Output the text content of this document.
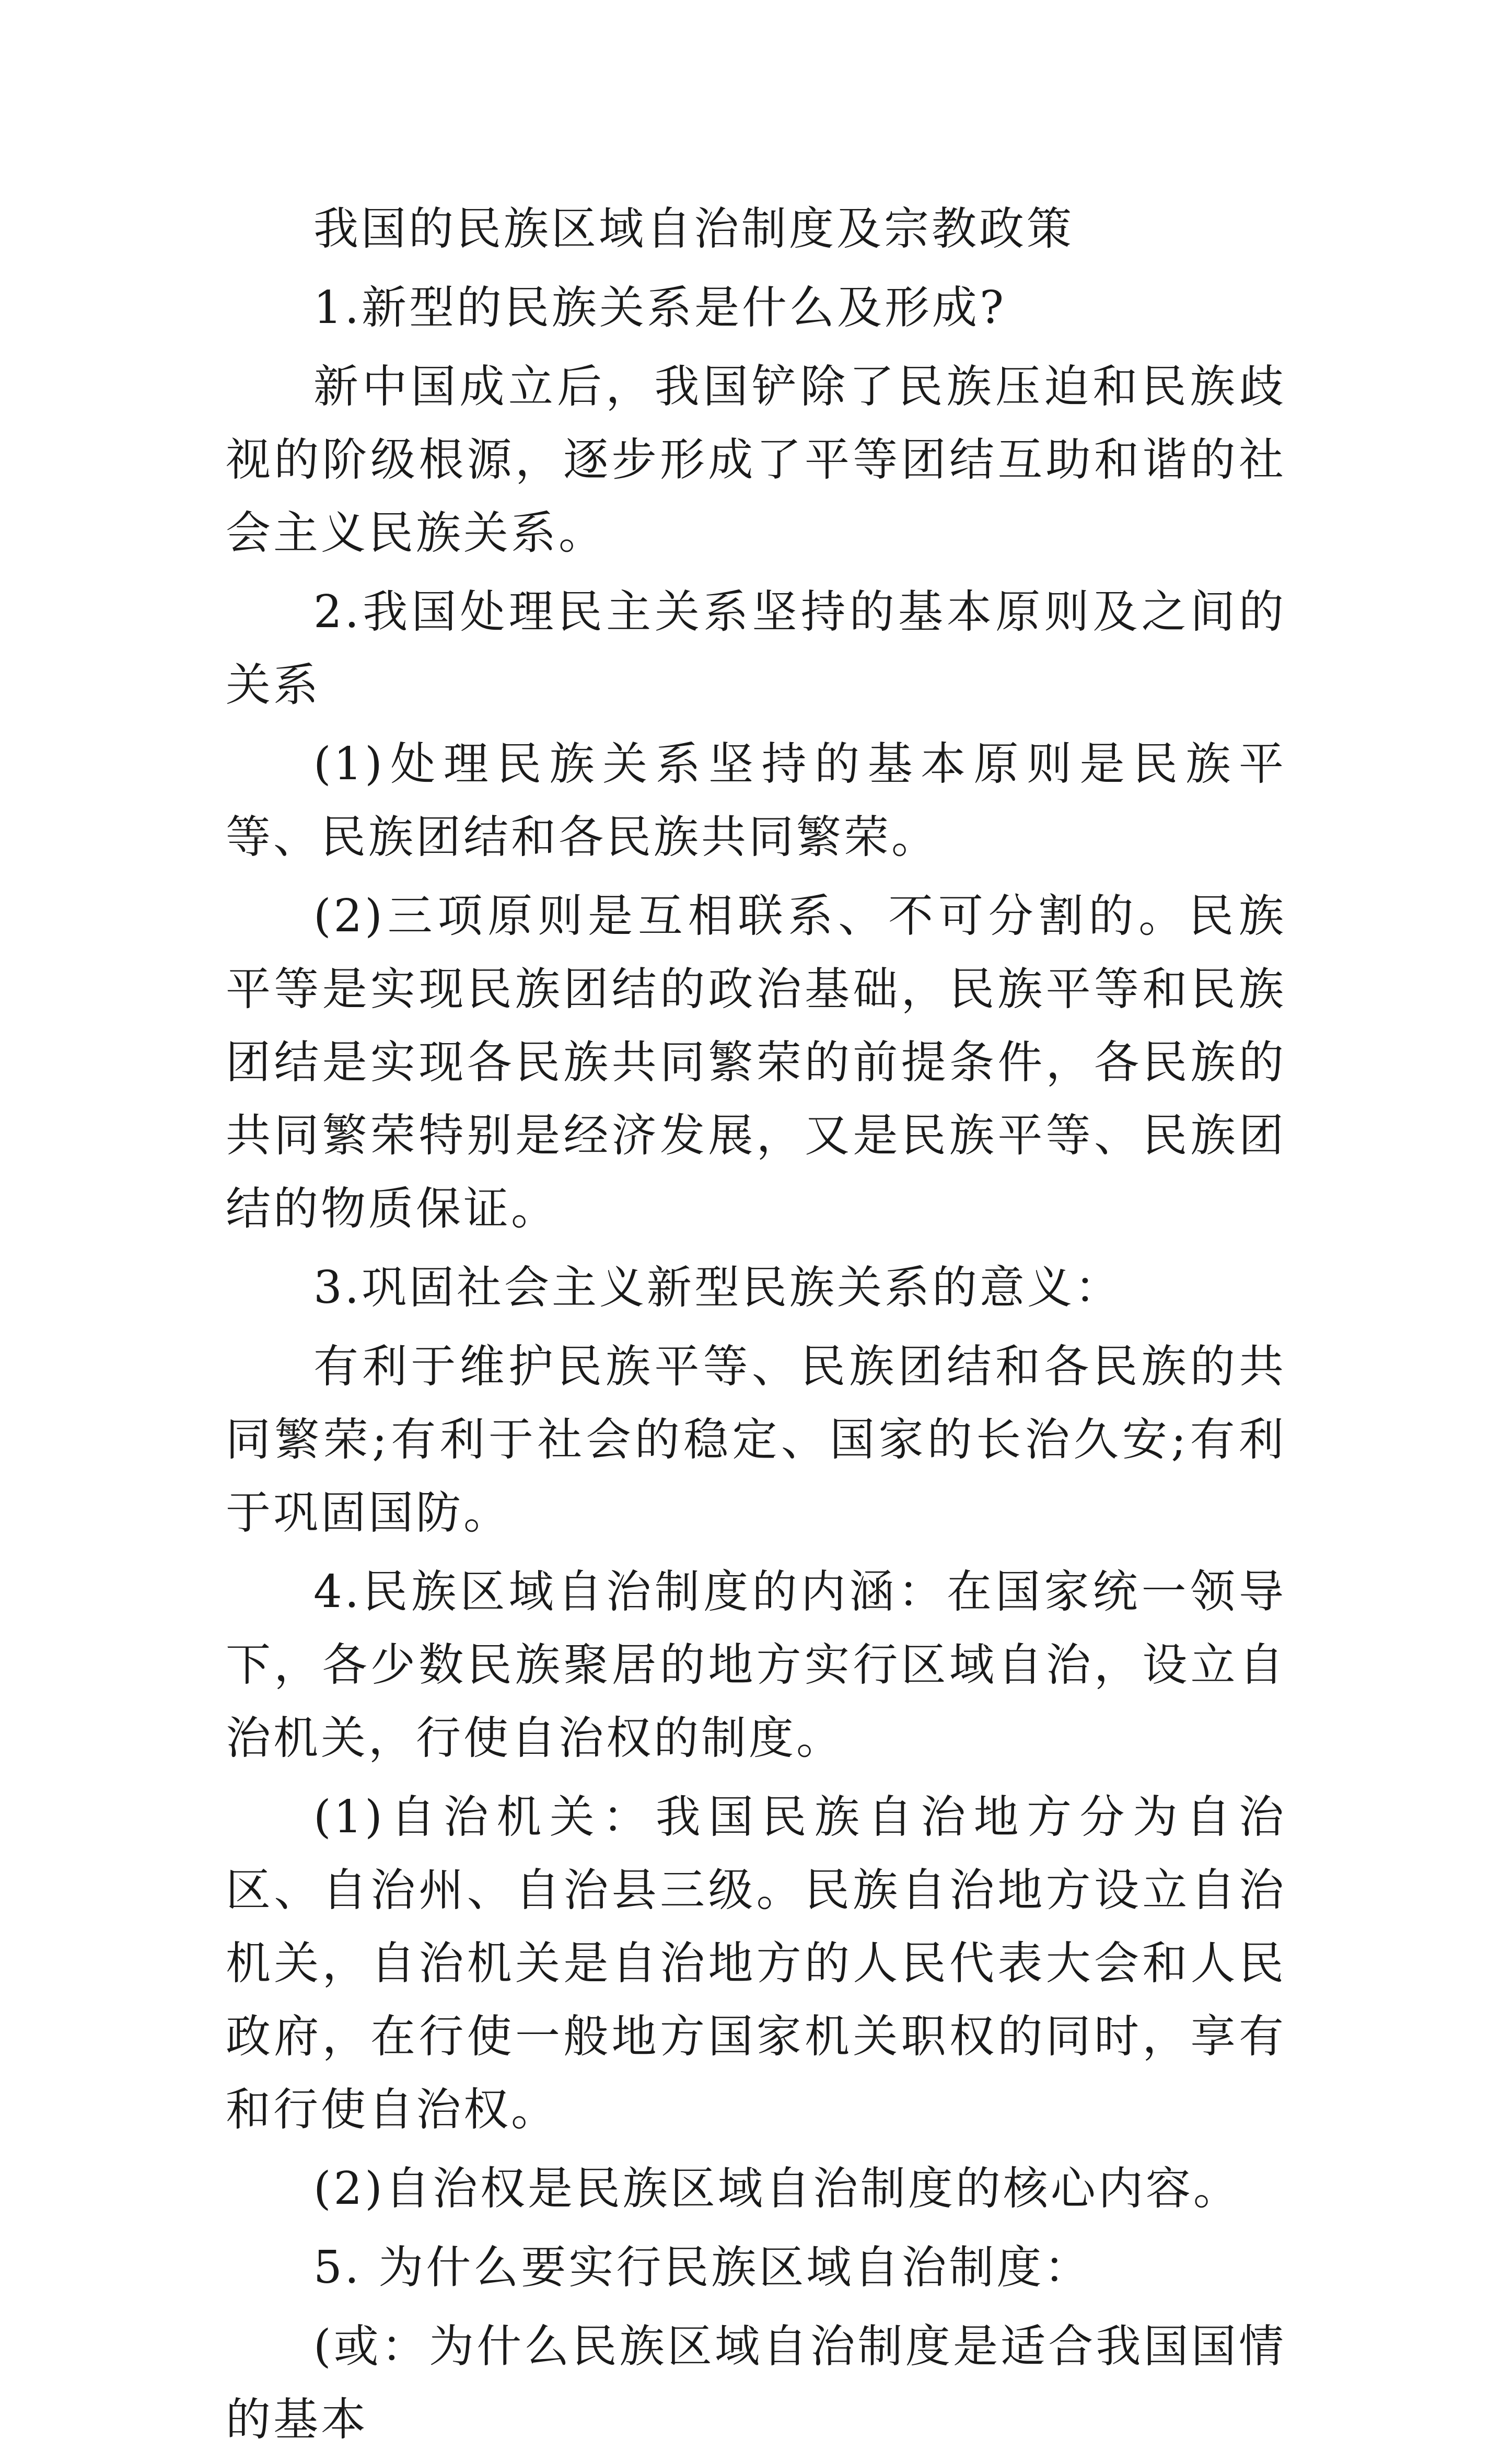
我国的民族区域自治制度及宗教政策

1.新型的民族关系是什么及形成?

新中国成立后，我国铲除了民族压迫和民族歧视的阶级根源，逐步形成了平等团结互助和谐的社会主义民族关系。

2.我国处理民主关系坚持的基本原则及之间的关系

(1)处理民族关系坚持的基本原则是民族平等、民族团结和各民族共同繁荣。

(2)三项原则是互相联系、不可分割的。民族平等是实现民族团结的政治基础，民族平等和民族团结是实现各民族共同繁荣的前提条件，各民族的共同繁荣特别是经济发展，又是民族平等、民族团结的物质保证。

3.巩固社会主义新型民族关系的意义：

有利于维护民族平等、民族团结和各民族的共同繁荣;有利于社会的稳定、国家的长治久安;有利于巩固国防。

4.民族区域自治制度的内涵：在国家统一领导下，各少数民族聚居的地方实行区域自治，设立自治机关，行使自治权的制度。

(1)自治机关：我国民族自治地方分为自治区、自治州、自治县三级。民族自治地方设立自治机关，自治机关是自治地方的人民代表大会和人民政府，在行使一般地方国家机关职权的同时，享有和行使自治权。

(2)自治权是民族区域自治制度的核心内容。

5. 为什么要实行民族区域自治制度：

(或：为什么民族区域自治制度是适合我国国情的基本
